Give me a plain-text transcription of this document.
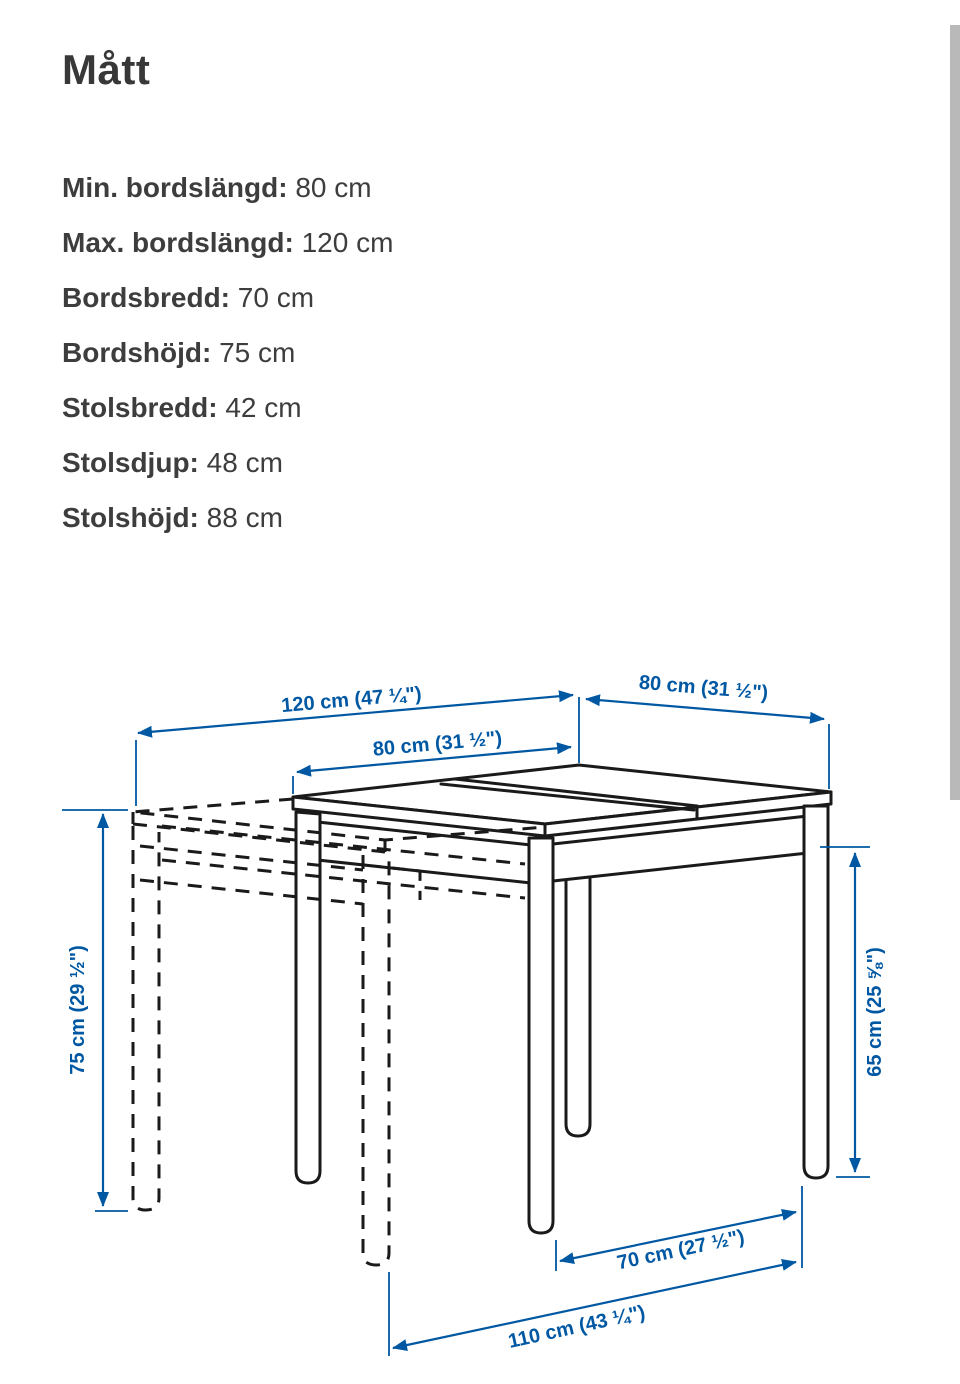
Mått
Min. bordslängd: 80 cm
Max. bordslängd: 120 cm
Bordsbredd: 70 cm
Bordshöjd: 75 cm
Stolsbredd: 42 cm
Stolsdjup: 48 cm
Stolshöjd: 88 cm
120 cm (47 ¼")	80 cm (31 ½")
80 cm (31 ½")
75 cm (29 ½")	65 cm (25 ⅝")
70 cm (27 ½")
110 cm (43 ¼")
